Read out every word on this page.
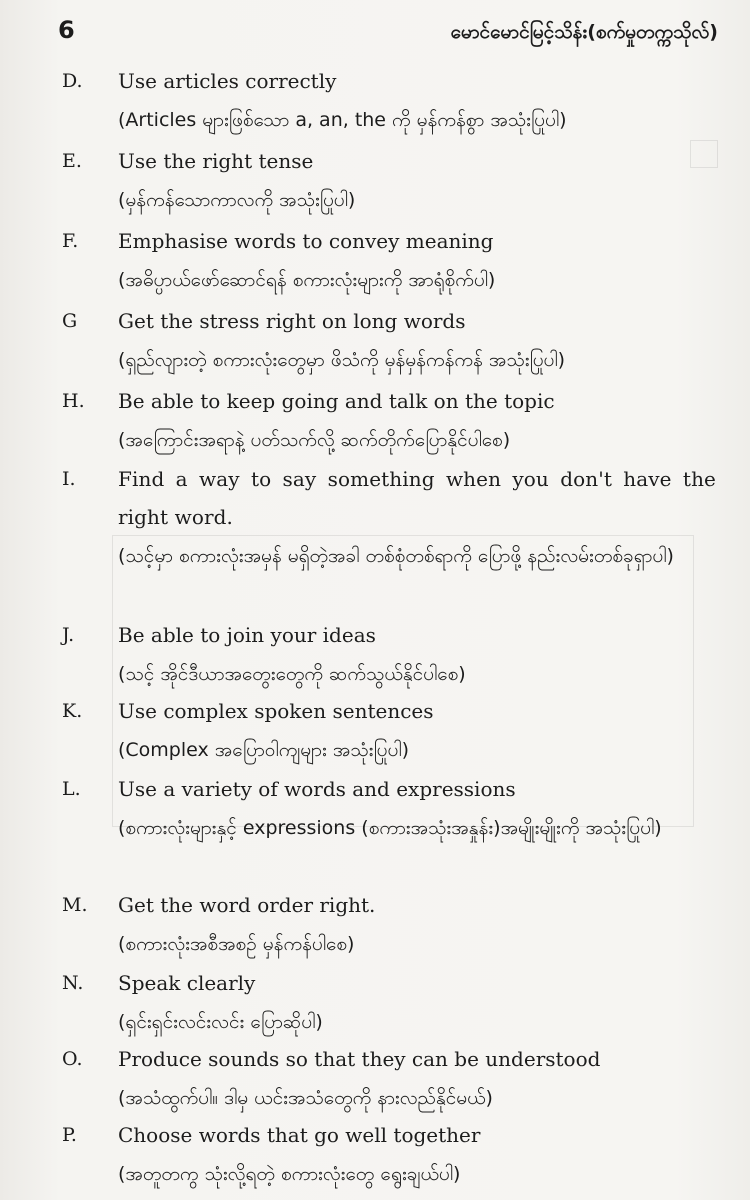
6	မောင်မောင်မြင့်သိန်း(စက်မှုတက္ကသိုလ်)
D. Use articles correctly
(Articles များဖြစ်သော a, an, the ကို မှန်ကန်စွာ အသုံးပြုပါ)
E. Use the right tense
(မှန်ကန်သောကာလကို အသုံးပြုပါ)
F. Emphasise words to convey meaning
(အဓိပ္ပာယ်ဖော်ဆောင်ရန် စကားလုံးများကို အာရုံစိုက်ပါ)
G Get the stress right on long words
(ရှည်လျားတဲ့ စကားလုံးတွေမှာ ဖိသံကို မှန်မှန်ကန်ကန် အသုံးပြုပါ)
H. Be able to keep going and talk on the topic
(အကြောင်းအရာနဲ့ ပတ်သက်လို့ ဆက်တိုက်ပြောနိုင်ပါစေ)
I. Find a way to say something when you don't have the right word.
(သင့်မှာ စကားလုံးအမှန် မရှိတဲ့အခါ တစ်စုံတစ်ရာကို ပြောဖို့ နည်းလမ်းတစ်ခုရှာပါ)
J. Be able to join your ideas
(သင့် အိုင်ဒီယာအတွေးတွေကို ဆက်သွယ်နိုင်ပါစေ)
K. Use complex spoken sentences
(Complex အပြောဝါကျများ အသုံးပြုပါ)
L. Use a variety of words and expressions
(စကားလုံးများနှင့် expressions (စကားအသုံးအနှုန်း)အမျိုးမျိုးကို အသုံးပြုပါ)
M. Get the word order right.
(စကားလုံးအစီအစဉ် မှန်ကန်ပါစေ)
N. Speak clearly
(ရှင်းရှင်းလင်းလင်း ပြောဆိုပါ)
O. Produce sounds so that they can be understood
(အသံထွက်ပါ။ ဒါမှ ယင်းအသံတွေကို နားလည်နိုင်မယ်)
P. Choose words that go well together
(အတူတကွ သုံးလို့ရတဲ့ စကားလုံးတွေ ရွေးချယ်ပါ)
